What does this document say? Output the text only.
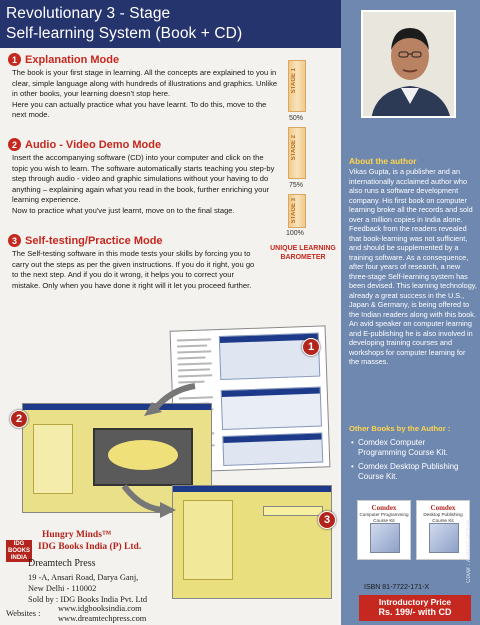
Revolutionary 3 - Stage
Self-learning System (Book + CD)
1 Explanation Mode
The book is your first stage in learning. All the concepts are explained to you in clear, simple language along with hundreds of illustrations and graphics. Unlike in other books, your learning doesn't stop here.
Here you can actually practice what you have learnt. To do this, move to the next mode.
2 Audio - Video Demo Mode
Insert the accompanying software (CD) into your computer and click on the topic you wish to learn. The software automatically starts teaching you step-by step through audio - video and graphic simulations without your having to do anything – explaining again what you read in the book, further enriching your learning experience.
Now to practice what you've just learnt, move on to the final stage.
3 Self-testing/Practice Mode
The Self-testing software in this mode tests your skills by forcing you to carry out the steps as per the given instructions. If you do it right, you go to the next step. And if you do it wrong, it helps you to correct your mistake. Only when you have done it right will it let you proceed further.
STAGE 1
50%
STAGE 2
75%
STAGE 3
100%
UNIQUE LEARNING
BAROMETER
1
2
3
Hungry Minds™
IDG BOOKS INDIA
IDG Books India (P) Ltd.
Dreamtech Press
19 -A, Ansari Road, Darya Ganj,
New Delhi - 110002
Sold by : IDG Books India Pvt. Ltd
Websites :
www.idgbooksindia.com
www.dreamtechpress.com
About the author
Vikas Gupta, is a publisher and an internationally acclaimed author who also runs a software development company. His first book on computer learning broke all the records and sold over a million copies in India alone. Feedback from the readers revealed that book-learning was not sufficient, and should be supplemented by a training software. As a consequence, after four years of research, a new three-stage Self-learning system has been devised. This learning technology, already a great success in the U.S., Japan & Germany, is being offered to the Indian readers along with this book. An avid speaker on computer learning and E-publishing he is also involved in developing training courses and workshops for computer learning for the masses.
Other Books by the Author :
• Comdex Computer Programming Course Kit.
• Comdex Desktop Publishing Course Kit.
Comdex
Computer Programming Course Kit
Comdex
Desktop Publishing Course Kit
ISBN 81-7722-171-X
Introductory Price
Rs. 199/- with CD
Cover : Author's Picture
